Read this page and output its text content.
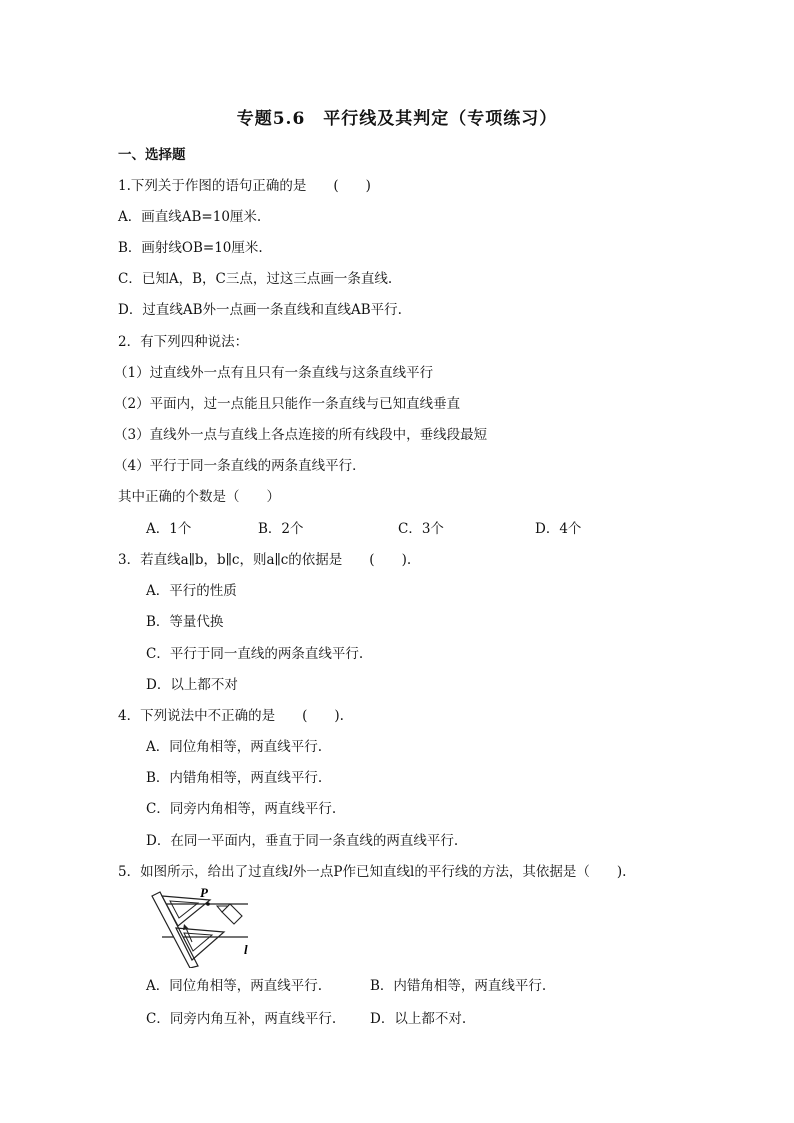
专题5.6　平行线及其判定（专项练习）
一、选择题
1.下列关于作图的语句正确的是　　(　　)
A．画直线AB=10厘米.
B．画射线OB=10厘米.
C．已知A，B，C三点，过这三点画一条直线.
D．过直线AB外一点画一条直线和直线AB平行.
2．有下列四种说法：
（1）过直线外一点有且只有一条直线与这条直线平行
（2）平面内，过一点能且只能作一条直线与已知直线垂直
（3）直线外一点与直线上各点连接的所有线段中，垂线段最短
（4）平行于同一条直线的两条直线平行．
其中正确的个数是（　　）
A．1个	B．2个	C．3个	D．4个
3．若直线a∥b，b∥c，则a∥c的依据是　　(　　).
A．平行的性质
B．等量代换
C．平行于同一直线的两条直线平行.
D．以上都不对
4．下列说法中不正确的是　　(　　).
A．同位角相等，两直线平行.
B．内错角相等，两直线平行.
C．同旁内角相等，两直线平行.
D．在同一平面内，垂直于同一条直线的两直线平行.
5．如图所示，给出了过直线l外一点P作已知直线l的平行线的方法，其依据是（　　).
P
l
A．同位角相等，两直线平行.	B．内错角相等，两直线平行.
C．同旁内角互补，两直线平行.	D．以上都不对.
